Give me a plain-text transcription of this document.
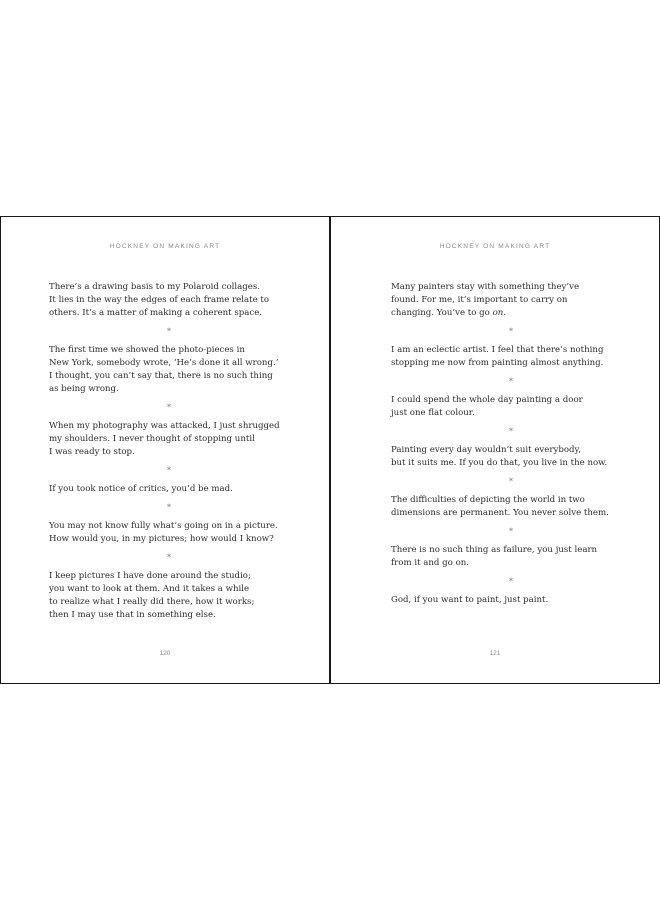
HOCKNEY ON MAKING ART

There’s a drawing basis to my Polaroid collages.
It lies in the way the edges of each frame relate to
others. It’s a matter of making a coherent space.

*

The first time we showed the photo-pieces in
New York, somebody wrote, ‘He’s done it all wrong.’
I thought, you can’t say that, there is no such thing
as being wrong.

*

When my photography was attacked, I just shrugged
my shoulders. I never thought of stopping until
I was ready to stop.

*

If you took notice of critics, you’d be mad.

*

You may not know fully what’s going on in a picture.
How would you, in my pictures; how would I know?

*

I keep pictures I have done around the studio;
you want to look at them. And it takes a while
to realize what I really did there, how it works;
then I may use that in something else.

120
HOCKNEY ON MAKING ART

Many painters stay with something they’ve
found. For me, it’s important to carry on
changing. You’ve to go on.

*

I am an eclectic artist. I feel that there’s nothing
stopping me now from painting almost anything.

*

I could spend the whole day painting a door
just one flat colour.

*

Painting every day wouldn’t suit everybody,
but it suits me. If you do that, you live in the now.

*

The difficulties of depicting the world in two
dimensions are permanent. You never solve them.

*

There is no such thing as failure, you just learn
from it and go on.

*

God, if you want to paint, just paint.

121
